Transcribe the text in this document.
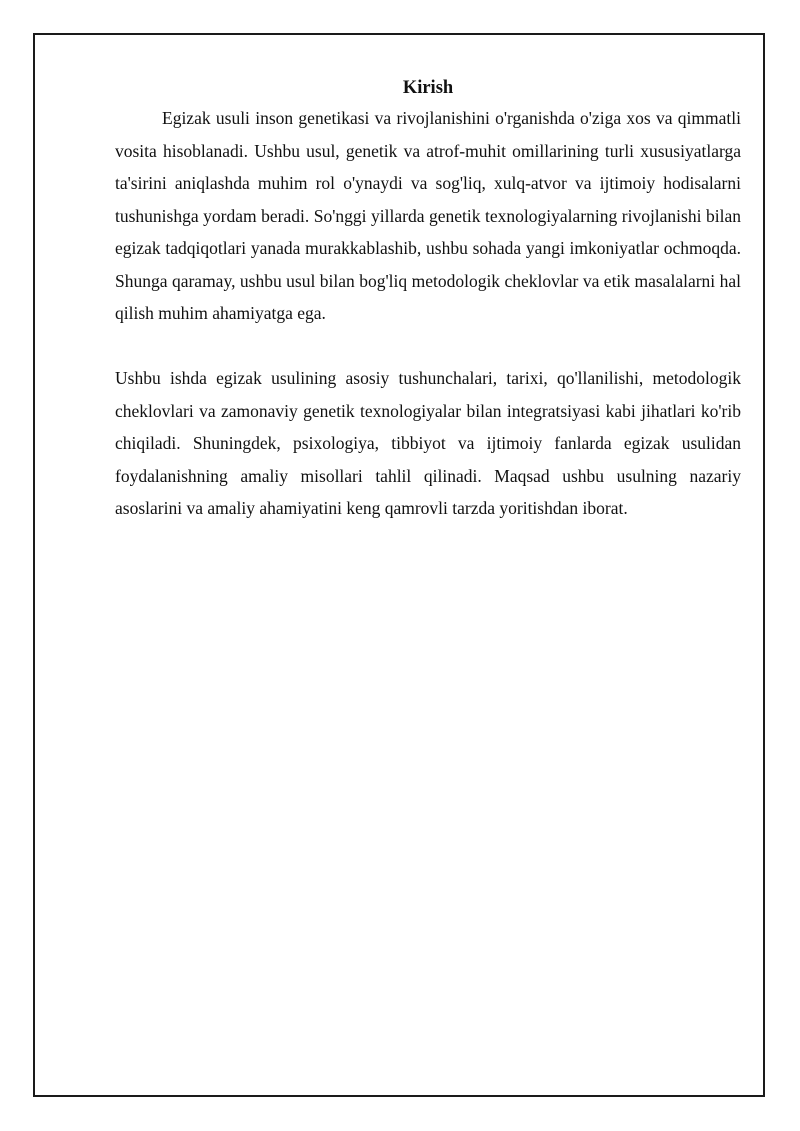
Kirish

Egizak usuli inson genetikasi va rivojlanishini o'rganishda o'ziga xos va qimmatli vosita hisoblanadi. Ushbu usul, genetik va atrof-muhit omillarining turli xususiyatlarga ta'sirini aniqlashda muhim rol o'ynaydi va sog'liq, xulq-atvor va ijtimoiy hodisalarni tushunishga yordam beradi. So'nggi yillarda genetik texnologiyalarning rivojlanishi bilan egizak tadqiqotlari yanada murakkablashib, ushbu sohada yangi imkoniyatlar ochmoqda. Shunga qaramay, ushbu usul bilan bog'liq metodologik cheklovlar va etik masalalarni hal qilish muhim ahamiyatga ega.

Ushbu ishda egizak usulining asosiy tushunchalari, tarixi, qo'llanilishi, metodologik cheklovlari va zamonaviy genetik texnologiyalar bilan integratsiyasi kabi jihatlari ko'rib chiqiladi. Shuningdek, psixologiya, tibbiyot va ijtimoiy fanlarda egizak usulidan foydalanishning amaliy misollari tahlil qilinadi. Maqsad ushbu usulning nazariy asoslarini va amaliy ahamiyatini keng qamrovli tarzda yoritishdan iborat.
